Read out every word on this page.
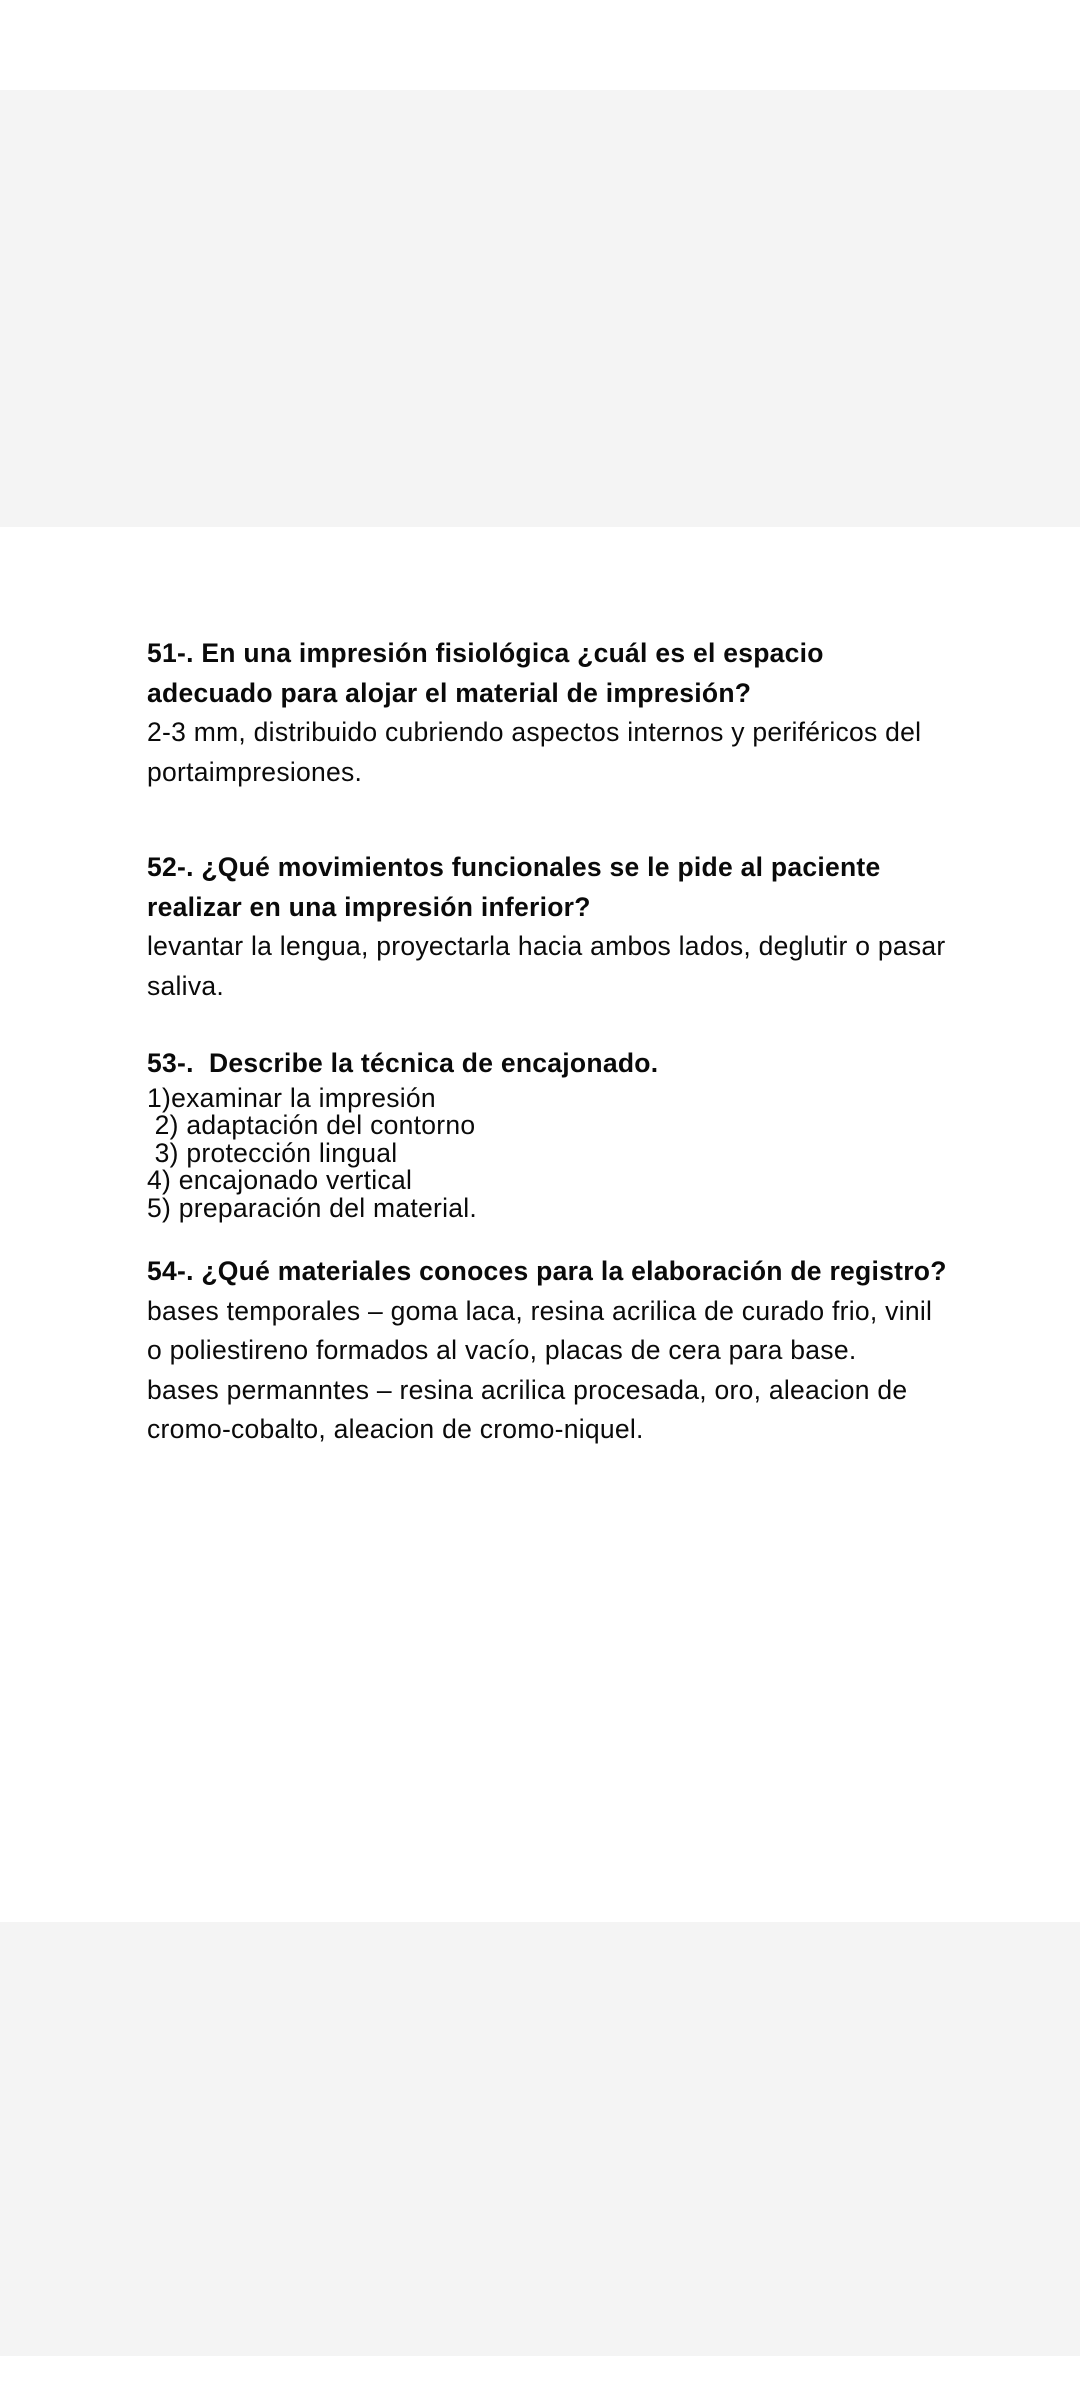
51-. En una impresión fisiológica ¿cuál es el espacio adecuado para alojar el material de impresión?

2-3 mm, distribuido cubriendo aspectos internos y periféricos del portaimpresiones.

52-. ¿Qué movimientos funcionales se le pide al paciente realizar en una impresión inferior?

levantar la lengua, proyectarla hacia ambos lados, deglutir o pasar saliva.

53-.  Describe la técnica de encajonado.

1)examinar la impresión

2) adaptación del contorno

3) protección lingual

4) encajonado vertical

5) preparación del material.

54-. ¿Qué materiales conoces para la elaboración de registro?

bases temporales – goma laca, resina acrilica de curado frio, vinil o poliestireno formados al vacío, placas de cera para base.

bases permanntes – resina acrilica procesada, oro, aleacion de cromo-cobalto, aleacion de cromo-niquel.
